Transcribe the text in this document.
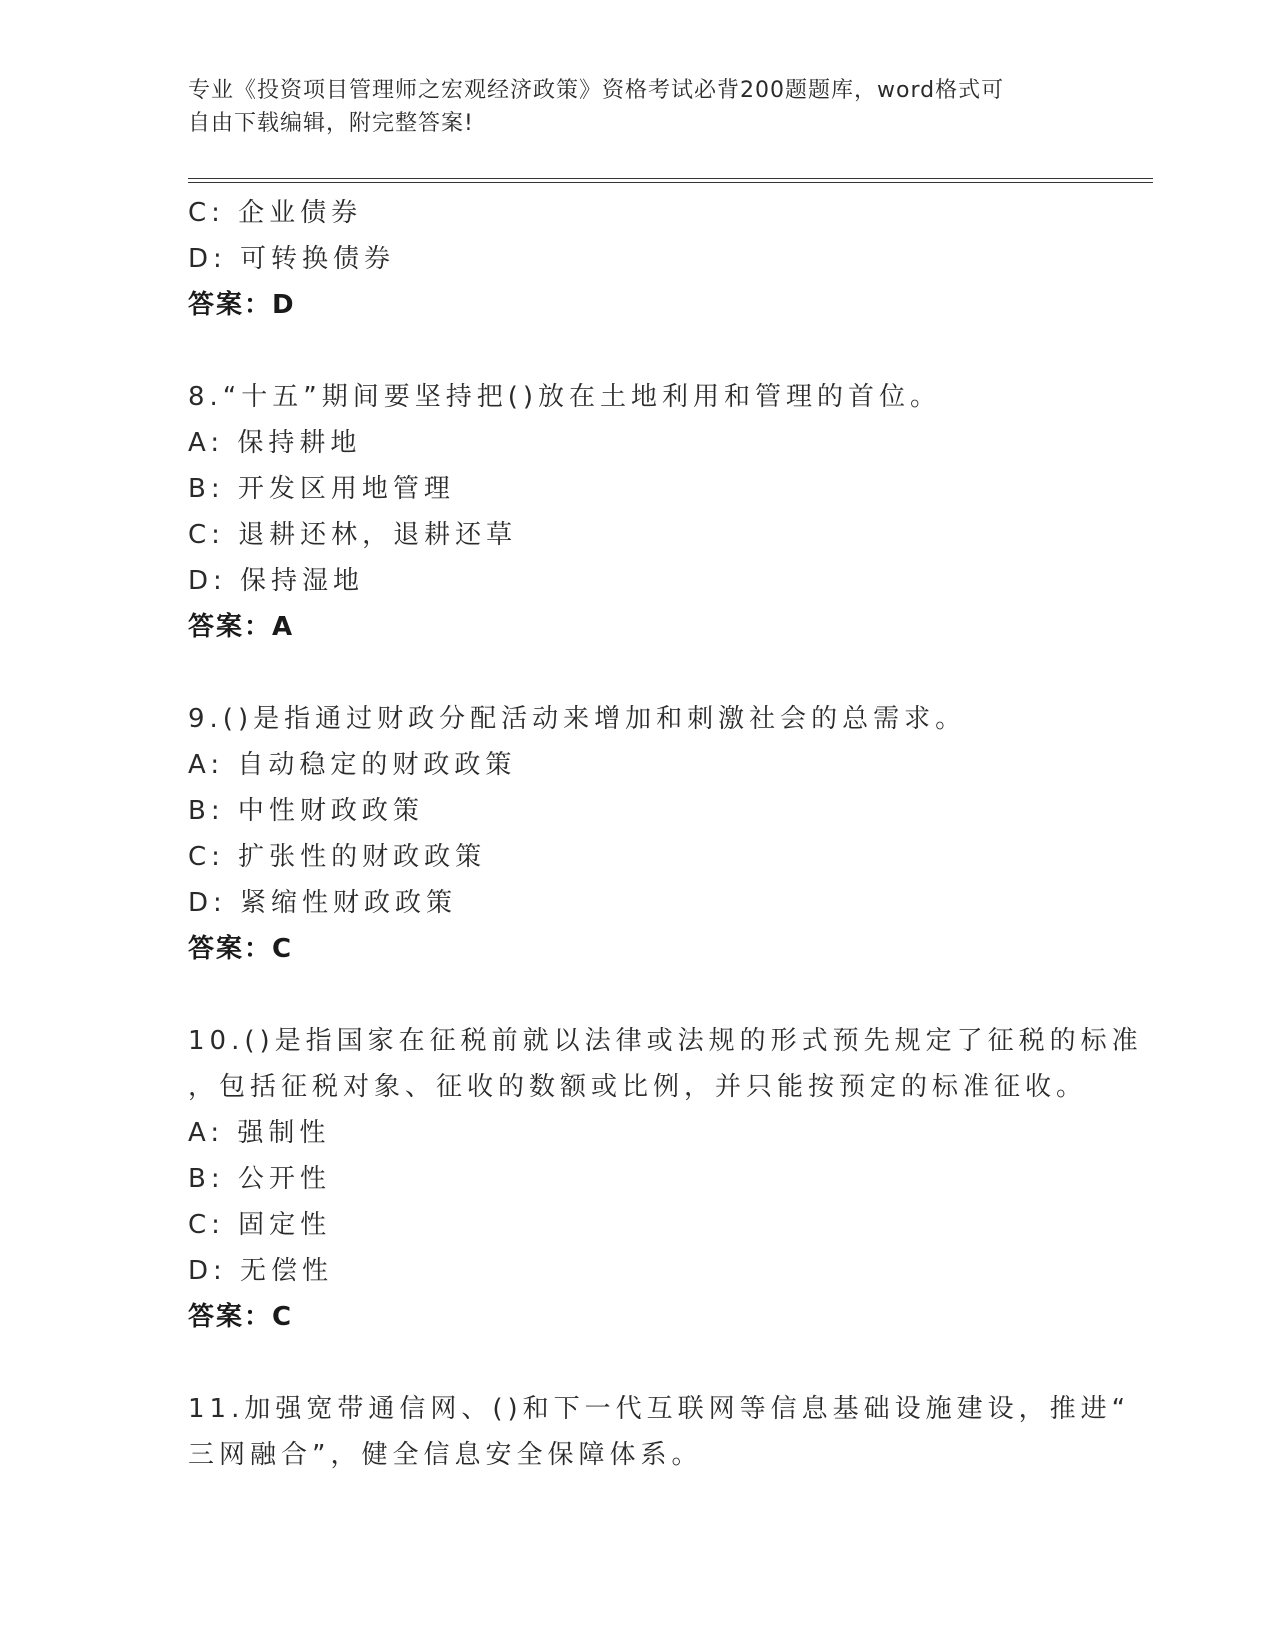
专业《投资项目管理师之宏观经济政策》资格考试必背200题题库，word格式可
自由下载编辑，附完整答案!
C: 企业债券
D: 可转换债券
答案：D
8.“十五”期间要坚持把()放在土地利用和管理的首位。
A: 保持耕地
B: 开发区用地管理
C: 退耕还林，退耕还草
D: 保持湿地
答案：A
9.()是指通过财政分配活动来增加和刺激社会的总需求。
A: 自动稳定的财政政策
B: 中性财政政策
C: 扩张性的财政政策
D: 紧缩性财政政策
答案：C
10.()是指国家在征税前就以法律或法规的形式预先规定了征税的标准
，包括征税对象、征收的数额或比例，并只能按预定的标准征收。
A: 强制性
B: 公开性
C: 固定性
D: 无偿性
答案：C
11.加强宽带通信网、()和下一代互联网等信息基础设施建设，推进“
三网融合”，健全信息安全保障体系。
